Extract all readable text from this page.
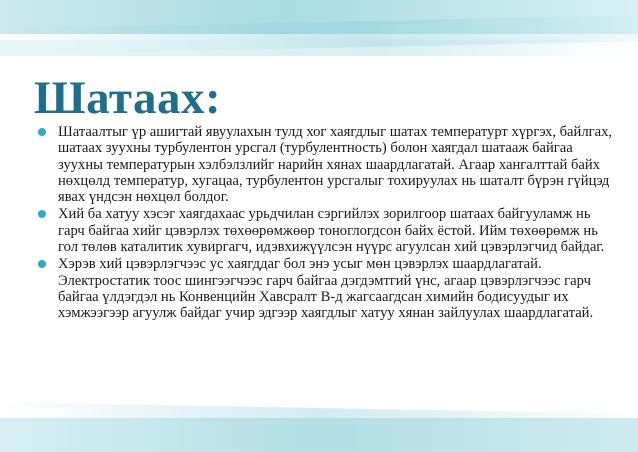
Шатаах:
Шатаалтыг үр ашигтай явуулахын тулд хог хаягдлыг шатах температурт хүргэх, байлгах, шатаах зуухны турбулентон урсгал (турбулентность) болон хаягдал шатааж байгаа зуухны температурын хэлбэлзлийг нарийн хянах шаардлагатай. Агаар хангалттай байх нөхцөлд температур, хугацаа, турбулентон урсгалыг тохируулах нь шаталт бүрэн гүйцэд явах үндсэн нөхцөл болдог.
Хий ба хатуу хэсэг хаягдахаас урьдчилан сэргийлэх зорилгоор шатаах байгууламж нь гарч байгаа хийг цэвэрлэх төхөөрөмжөөр тоноглогдсон байх ёстой. Ийм төхөөрөмж нь гол төлөв каталитик хувиргагч, идэвхижүүлсэн нүүрс агуулсан хий цэвэрлэгчид байдаг.
Хэрэв хий цэвэрлэгчээс ус хаягддаг бол энэ усыг мөн цэвэрлэх шаардлагатай. Электростатик тоос шингээгчээс гарч байгаа дэгдэмтгий үнс, агаар цэвэрлэгчээс гарч байгаа үлдэгдэл нь Конвенцийн Хавсралт В-д жагсаагдсан химийн бодисуудыг их хэмжээгээр агуулж байдаг учир эдгээр хаягдлыг хатуу хянан зайлуулах шаардлагатай.
